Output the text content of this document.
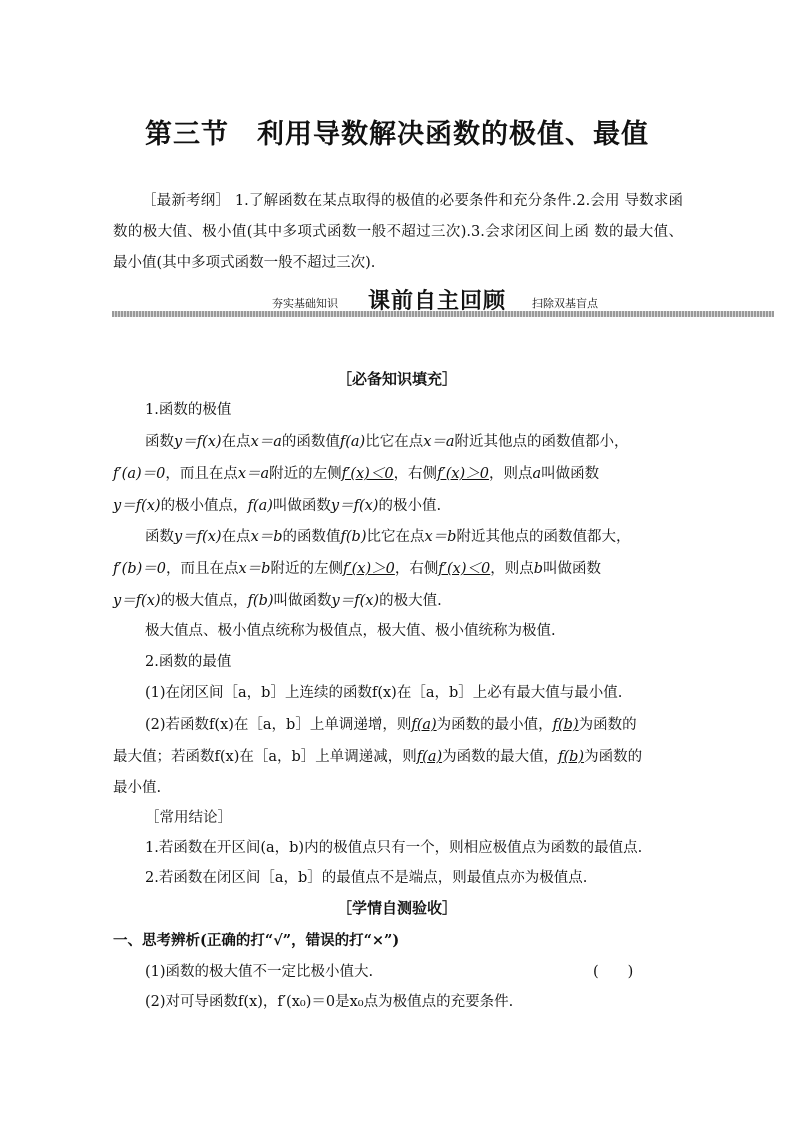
第三节　利用导数解决函数的极值、最值
［最新考纲］ 1.了解函数在某点取得的极值的必要条件和充分条件.2.会用 导数求函数的极大值、极小值(其中多项式函数一般不超过三次).3.会求闭区间上函 数的最大值、最小值(其中多项式函数一般不超过三次).
夯实基础知识 课前自主回顾 扫除双基盲点
［必备知识填充］
1.函数的极值
函数y＝f(x)在点x＝a的函数值f(a)比它在点x＝a附近其他点的函数值都小，
f′(a)＝0，而且在点x＝a附近的左侧f′(x)＜0，右侧f′(x)＞0，则点a叫做函数
y＝f(x)的极小值点，f(a)叫做函数y＝f(x)的极小值.
函数y＝f(x)在点x＝b的函数值f(b)比它在点x＝b附近其他点的函数值都大，
f′(b)＝0，而且在点x＝b附近的左侧f′(x)＞0，右侧f′(x)＜0，则点b叫做函数
y＝f(x)的极大值点，f(b)叫做函数y＝f(x)的极大值.
极大值点、极小值点统称为极值点，极大值、极小值统称为极值.
2.函数的最值
(1)在闭区间［a，b］上连续的函数f(x)在［a，b］上必有最大值与最小值.
(2)若函数f(x)在［a，b］上单调递增，则f(a)为函数的最小值，f(b)为函数的
最大值；若函数f(x)在［a，b］上单调递减，则f(a)为函数的最大值，f(b)为函数的
最小值.

［常用结论］
1.若函数在开区间(a，b)内的极值点只有一个，则相应极值点为函数的最值点.
2.若函数在闭区间［a，b］的最值点不是端点，则最值点亦为极值点.
［学情自测验收］
一、思考辨析(正确的打“√”，错误的打“×”)
(1)函数的极大值不一定比极小值大.	(　　)
(2)对可导函数f(x)，f′(x₀)＝0是x₀点为极值点的充要条件.
